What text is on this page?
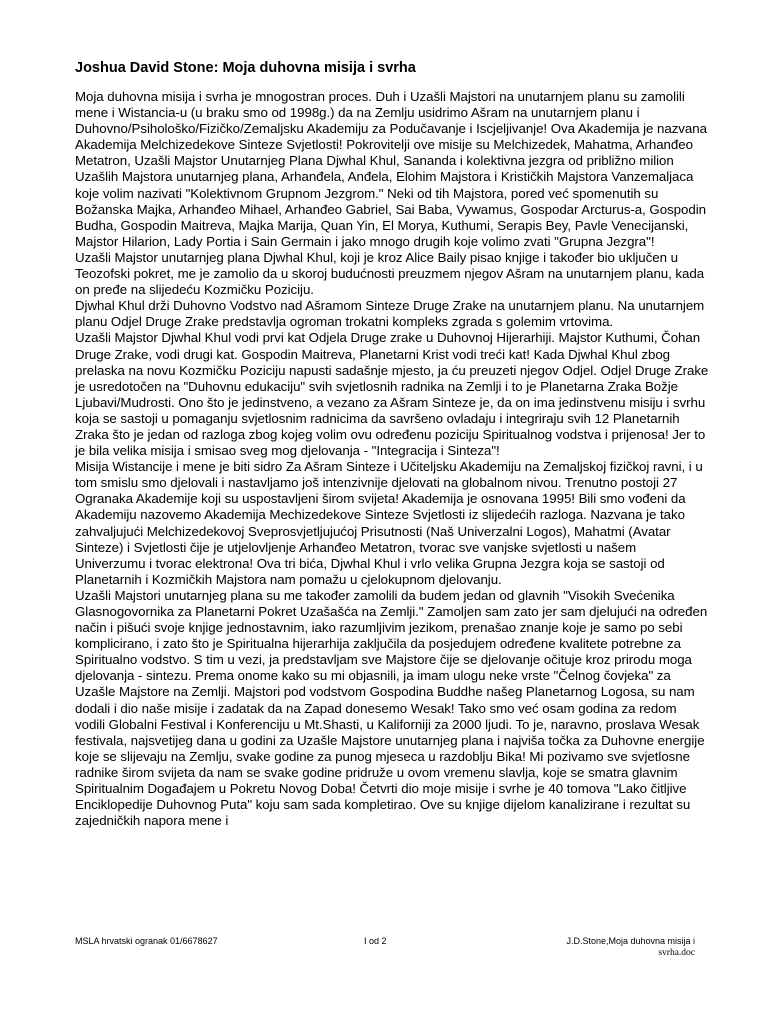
Joshua David Stone: Moja duhovna misija i svrha

Moja duhovna misija i svrha je mnogostran proces. Duh i Uzašli Majstori na unutarnjem planu su zamolili mene i Wistancia-u (u braku smo od 1998g.) da na Zemlju usidrimo Ašram na unutarnjem planu i Duhovno/Psihološko/Fizičko/Zemaljsku Akademiju za Podučavanje i Iscjeljivanje! Ova Akademija je nazvana Akademija Melchizedekove Sinteze Svjetlosti! Pokrovitelji ove misije su Melchizedek, Mahatma, Arhanđeo Metatron, Uzašli Majstor Unutarnjeg Plana Djwhal Khul, Sananda i kolektivna jezgra od približno milion Uzašlih Majstora unutarnjeg plana, Arhanđela, Anđela, Elohim Majstora i Krističkih Majstora Vanzemaljaca koje volim nazivati "Kolektivnom Grupnom Jezgrom." Neki od tih Majstora, pored već spomenutih su Božanska Majka, Arhanđeo Mihael, Arhanđeo Gabriel, Sai Baba, Vywamus, Gospodar Arcturus-a, Gospodin Budha, Gospodin Maitreva, Majka Marija, Quan Yin, El Morya, Kuthumi, Serapis Bey, Pavle Venecijanski, Majstor Hilarion, Lady Portia i Sain Germain i jako mnogo drugih koje volimo zvati "Grupna Jezgra"!

Uzašli Majstor unutarnjeg plana Djwhal Khul, koji je kroz Alice Baily pisao knjige i također bio uključen u Teozofski pokret, me je zamolio da u skoroj budućnosti preuzmem njegov Ašram na unutarnjem planu, kada on pređe na slijedeću Kozmičku Poziciju.

Djwhal Khul drži Duhovno Vodstvo nad Ašramom Sinteze Druge Zrake na unutarnjem planu. Na unutarnjem planu Odjel Druge Zrake predstavlja ogroman trokatni kompleks zgrada s golemim vrtovima.

Uzašli Majstor Djwhal Khul vodi prvi kat Odjela Druge zrake u Duhovnoj Hijerarhiji. Majstor Kuthumi, Čohan Druge Zrake, vodi drugi kat. Gospodin Maitreva, Planetarni Krist vodi treći kat! Kada Djwhal Khul zbog prelaska na novu Kozmičku Poziciju napusti sadašnje mjesto, ja ću preuzeti njegov Odjel. Odjel Druge Zrake je usredotočen na "Duhovnu edukaciju" svih svjetlosnih radnika na Zemlji i to je Planetarna Zraka Božje Ljubavi/Mudrosti. Ono što je jedinstveno, a vezano za Ašram Sinteze je, da on ima jedinstvenu misiju i svrhu koja se sastoji u pomaganju svjetlosnim radnicima da savršeno ovladaju i integriraju svih 12 Planetarnih Zraka što je jedan od razloga zbog kojeg volim ovu određenu poziciju Spiritualnog vodstva i prijenosa! Jer to je bila velika misija i smisao sveg mog djelovanja - "Integracija i Sinteza"!

Misija Wistancije i mene je biti sidro Za Ašram Sinteze i Učiteljsku Akademiju na Zemaljskoj fizičkoj ravni, i u tom smislu smo djelovali i nastavljamo još intenzivnije djelovati na globalnom nivou. Trenutno postoji 27 Ogranaka Akademije koji su uspostavljeni širom svijeta! Akademija je osnovana 1995! Bili smo vođeni da Akademiju nazovemo Akademija Mechizedekove Sinteze Svjetlosti iz slijedećih razloga. Nazvana je tako zahvaljujući Melchizedekovoj Sveprosvjetljujućoj Prisutnosti (Naš Univerzalni Logos), Mahatmi (Avatar Sinteze) i Svjetlosti čije je utjelovljenje Arhanđeo Metatron, tvorac sve vanjske svjetlosti u našem Univerzumu i tvorac elektrona! Ova tri bića, Djwhal Khul i vrlo velika Grupna Jezgra koja se sastoji od Planetarnih i Kozmičkih Majstora nam pomažu u cjelokupnom djelovanju.

Uzašli Majstori unutarnjeg plana su me također zamolili da budem jedan od glavnih "Visokih Svećenika Glasnogovornika za Planetarni Pokret Uzašašća na Zemlji." Zamoljen sam zato jer sam djelujući na određen način i pišući svoje knjige jednostavnim, iako razumljivim jezikom, prenašao znanje koje je samo po sebi komplicirano, i zato što je Spiritualna hijerarhija zaključila da posjedujem određene kvalitete potrebne za Spiritualno vodstvo. S tim u vezi, ja predstavljam sve Majstore čije se djelovanje očituje kroz prirodu moga djelovanja - sintezu. Prema onome kako su mi objasnili, ja imam ulogu neke vrste "Čelnog čovjeka" za Uzašle Majstore na Zemlji. Majstori pod vodstvom Gospodina Buddhe našeg Planetarnog Logosa, su nam dodali i dio naše misije i zadatak da na Zapad donesemo Wesak! Tako smo već osam godina za redom vodili Globalni Festival i Konferenciju u Mt.Shasti, u Kaliforniji za 2000 ljudi. To je, naravno, proslava Wesak festivala, najsvetijeg dana u godini za Uzašle Majstore unutarnjeg plana i najviša točka za Duhovne energije koje se slijevaju na Zemlju, svake godine za punog mjeseca u razdoblju Bika! Mi pozivamo sve svjetlosne radnike širom svijeta da nam se svake godine pridruže u ovom vremenu slavlja, koje se smatra glavnim Spiritualnim Događajem u Pokretu Novog Doba! Četvrti dio moje misije i svrhe je 40 tomova "Lako čitljive Enciklopedije Duhovnog Puta" koju sam sada kompletirao. Ove su knjige dijelom kanalizirane i rezultat su zajedničkih napora mene i

MSLA hrvatski ogranak 01/6678627	I od 2	J.D.Stone,Moja duhovna misija i
svrha.doc
